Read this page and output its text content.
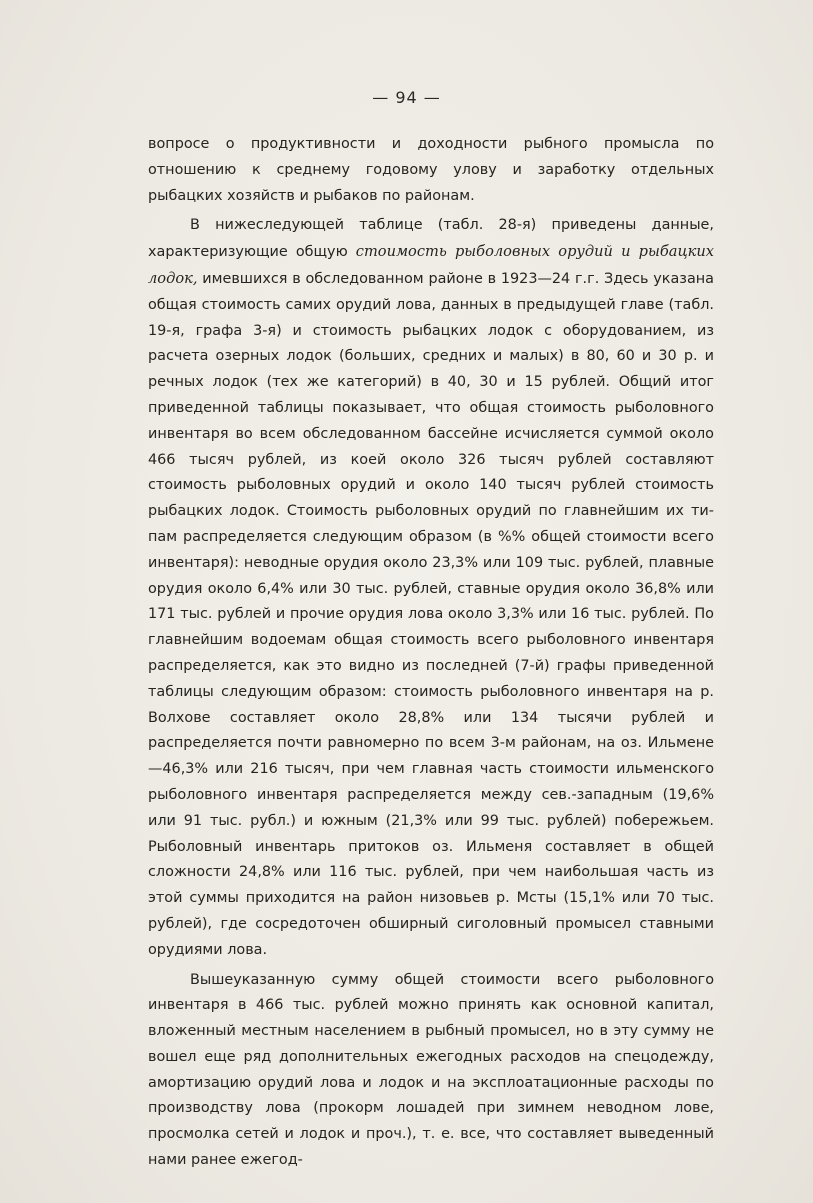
— 94 —

вопросе о продуктивности и доходности рыбного промысла по отношению к среднему годовому улову и заработку отдельных рыбацких хозяйств и рыбаков по районам.

В нижеследующей таблице (табл. 28-я) приведены данные, характеризующие общую стоимость рыболовных орудий и рыбацких лодок, имевшихся в обследованном районе в 1923—24 г.г. Здесь указана общая стоимость самих орудий лова, данных в предыдущей главе (табл. 19-я, графа 3-я) и стоимость рыбацких лодок с оборудованием, из расчета озерных лодок (больших, средних и малых) в 80, 60 и 30 р. и речных лодок (тех же категорий) в 40, 30 и 15 рублей. Общий итог приведенной таблицы показывает, что общая стоимость рыболовного инвентаря во всем обследованном бассейне исчисляется суммой около 466 тысяч рублей, из коей около 326 тысяч рублей составляют стоимость рыболовных орудий и около 140 тысяч рублей стоимость рыбацких лодок. Стоимость рыболовных орудий по главнейшим их типам распределяется следующим образом (в %% общей стоимости всего инвентаря): неводные орудия около 23,3% или 109 тыс. рублей, плавные орудия около 6,4% или 30 тыс. рублей, ставные орудия около 36,8% или 171 тыс. рублей и прочие орудия лова около 3,3% или 16 тыс. рублей. По главнейшим водоемам общая стоимость всего рыболовного инвентаря распределяется, как это видно из последней (7-й) графы приведенной таблицы следующим образом: стоимость рыболовного инвентаря на р. Волхове составляет около 28,8% или 134 тысячи рублей и распределяется почти равномерно по всем 3-м районам, на оз. Ильмене—46,3% или 216 тысяч, при чем главная часть стоимости ильменского рыболовного инвентаря распределяется между сев.-западным (19,6% или 91 тыс. рубл.) и южным (21,3% или 99 тыс. рублей) побережьем. Рыболовный инвентарь притоков оз. Ильменя составляет в общей сложности 24,8% или 116 тыс. рублей, при чем наибольшая часть из этой суммы приходится на район низовьев р. Мсты (15,1% или 70 тыс. рублей), где сосредоточен обширный сиголовный промысел ставными орудиями лова.

Вышеуказанную сумму общей стоимости всего рыболовного инвентаря в 466 тыс. рублей можно принять как основной капитал, вложенный местным населением в рыбный промысел, но в эту сумму не вошел еще ряд дополнительных ежегодных расходов на спецодежду, амортизацию орудий лова и лодок и на эксплоатационные расходы по производству лова (прокорм лошадей при зимнем неводном лове, просмолка сетей и лодок и проч.), т. е. все, что составляет выведенный нами ранее ежегод-
